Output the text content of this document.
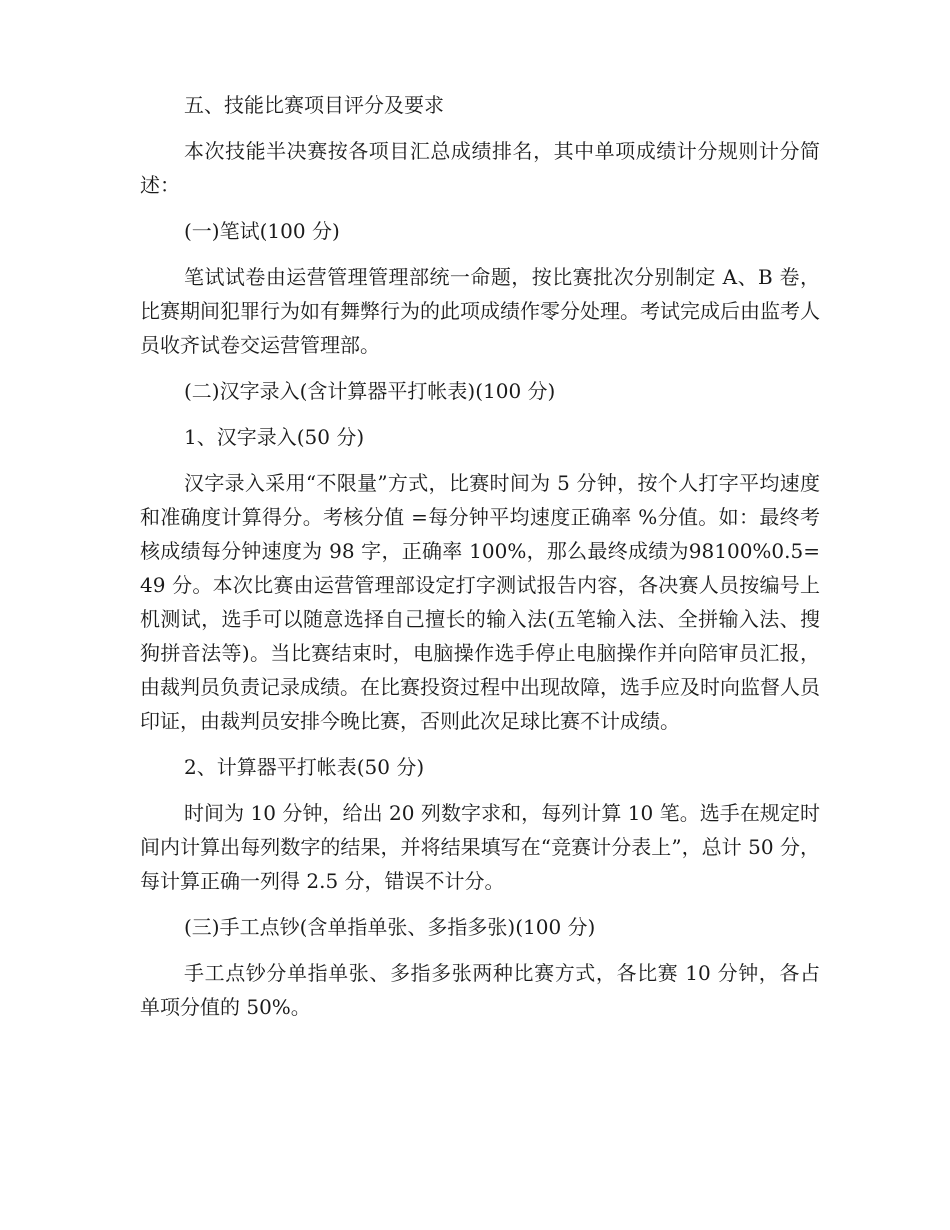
五、技能比赛项目评分及要求

本次技能半决赛按各项目汇总成绩排名，其中单项成绩计分规则计分简述：

(一)笔试(100 分)

笔试试卷由运营管理管理部统一命题，按比赛批次分别制定 A、B 卷，比赛期间犯罪行为如有舞弊行为的此项成绩作零分处理。考试完成后由监考人员收齐试卷交运营管理部。

(二)汉字录入(含计算器平打帐表)(100 分)

1、汉字录入(50 分)

汉字录入采用“不限量”方式，比赛时间为 5 分钟，按个人打字平均速度和准确度计算得分。考核分值 =每分钟平均速度正确率 %分值。如：最终考核成绩每分钟速度为 98 字，正确率 100%，那么最终成绩为98100%0.5=49 分。本次比赛由运营管理部设定打字测试报告内容，各决赛人员按编号上机测试，选手可以随意选择自己擅长的输入法(五笔输入法、全拼输入法、搜狗拼音法等)。当比赛结束时，电脑操作选手停止电脑操作并向陪审员汇报，由裁判员负责记录成绩。在比赛投资过程中出现故障，选手应及时向监督人员印证，由裁判员安排今晚比赛，否则此次足球比赛不计成绩。

2、计算器平打帐表(50 分)

时间为 10 分钟，给出 20 列数字求和，每列计算 10 笔。选手在规定时间内计算出每列数字的结果，并将结果填写在“竞赛计分表上”，总计 50 分，每计算正确一列得 2.5 分，错误不计分。

(三)手工点钞(含单指单张、多指多张)(100 分)

手工点钞分单指单张、多指多张两种比赛方式，各比赛 10 分钟，各占单项分值的 50%。
